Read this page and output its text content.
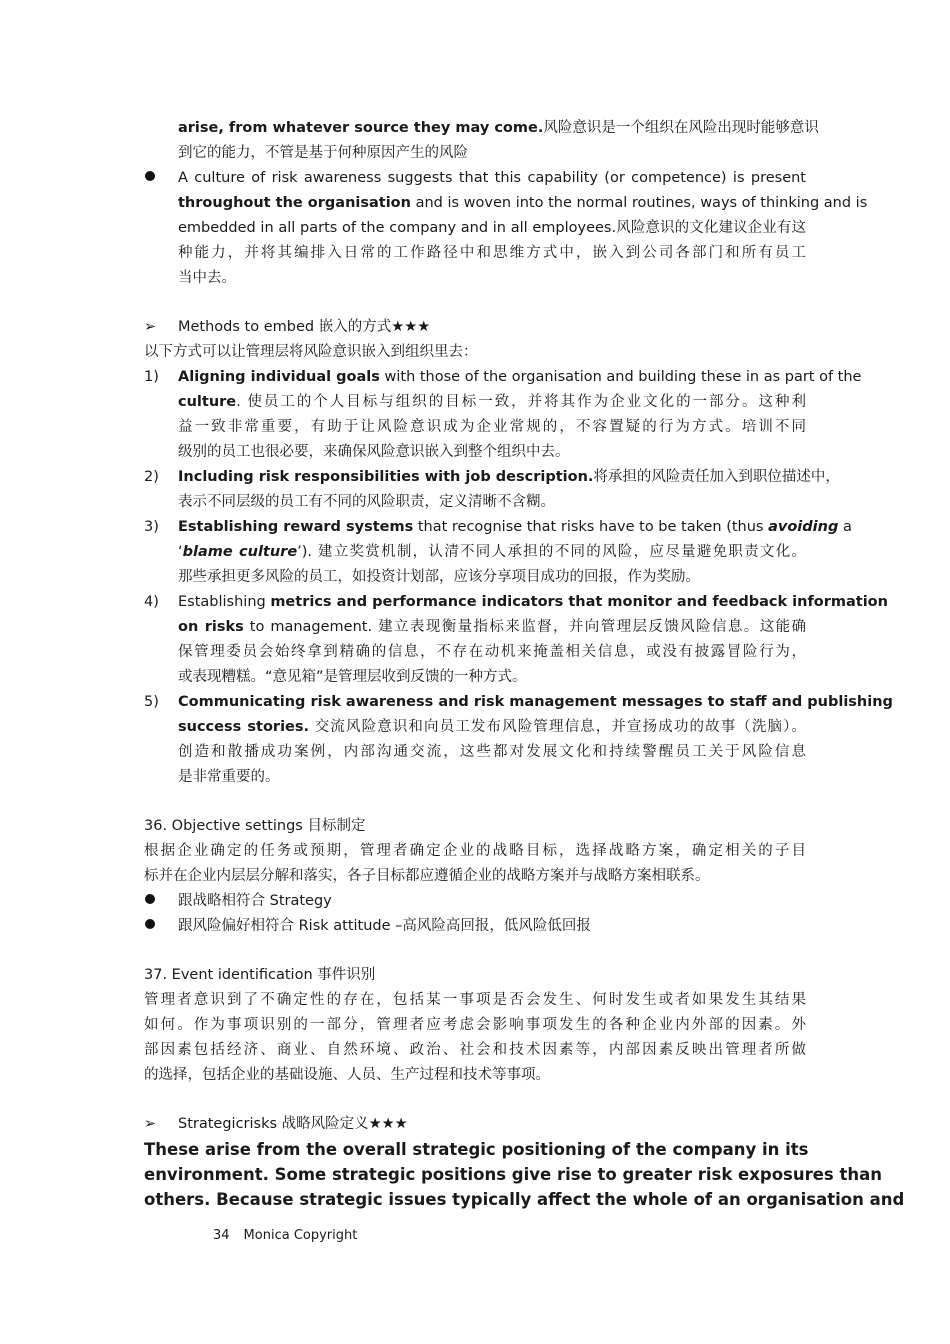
arise, from whatever source they may come.风险意识是一个组织在风险出现时能够意识
到它的能力，不管是基于何种原因产生的风险
A culture of risk awareness suggests that this capability (or competence) is present
throughout the organisation and is woven into the normal routines, ways of thinking and is
embedded in all parts of the company and in all employees.风险意识的文化建议企业有这
种能力，并将其编排入日常的工作路径中和思维方式中，嵌入到公司各部门和所有员工
当中去。
➢ Methods to embed 嵌入的方式★★★
以下方式可以让管理层将风险意识嵌入到组织里去：
1) Aligning individual goals with those of the organisation and building these in as part of the
culture. 使员工的个人目标与组织的目标一致，并将其作为企业文化的一部分。这种利
益一致非常重要，有助于让风险意识成为企业常规的，不容置疑的行为方式。培训不同
级别的员工也很必要，来确保风险意识嵌入到整个组织中去。
2) Including risk responsibilities with job description.将承担的风险责任加入到职位描述中，
表示不同层级的员工有不同的风险职责，定义清晰不含糊。
3) Establishing reward systems that recognise that risks have to be taken (thus avoiding a
‘blame culture’). 建立奖赏机制，认清不同人承担的不同的风险，应尽量避免职责文化。
那些承担更多风险的员工，如投资计划部，应该分享项目成功的回报，作为奖励。
4) Establishing metrics and performance indicators that monitor and feedback information
on risks to management. 建立表现衡量指标来监督，并向管理层反馈风险信息。这能确
保管理委员会始终拿到精确的信息，不存在动机来掩盖相关信息，或没有披露冒险行为，
或表现糟糕。“意见箱”是管理层收到反馈的一种方式。
5) Communicating risk awareness and risk management messages to staff and publishing
success stories. 交流风险意识和向员工发布风险管理信息，并宣扬成功的故事（洗脑）。
创造和散播成功案例，内部沟通交流，这些都对发展文化和持续警醒员工关于风险信息
是非常重要的。
36. Objective settings 目标制定
根据企业确定的任务或预期，管理者确定企业的战略目标，选择战略方案，确定相关的子目
标并在企业内层层分解和落实，各子目标都应遵循企业的战略方案并与战略方案相联系。
跟战略相符合 Strategy
跟风险偏好相符合 Risk attitude –高风险高回报，低风险低回报
37. Event identification 事件识别
管理者意识到了不确定性的存在，包括某一事项是否会发生、何时发生或者如果发生其结果
如何。作为事项识别的一部分，管理者应考虑会影响事项发生的各种企业内外部的因素。外
部因素包括经济、商业、自然环境、政治、社会和技术因素等，内部因素反映出管理者所做
的选择，包括企业的基础设施、人员、生产过程和技术等事项。
➢ Strategicrisks 战略风险定义★★★
These arise from the overall strategic positioning of the company in its
environment. Some strategic positions give rise to greater risk exposures than
others. Because strategic issues typically affect the whole of an organisation and
34 Monica Copyright
